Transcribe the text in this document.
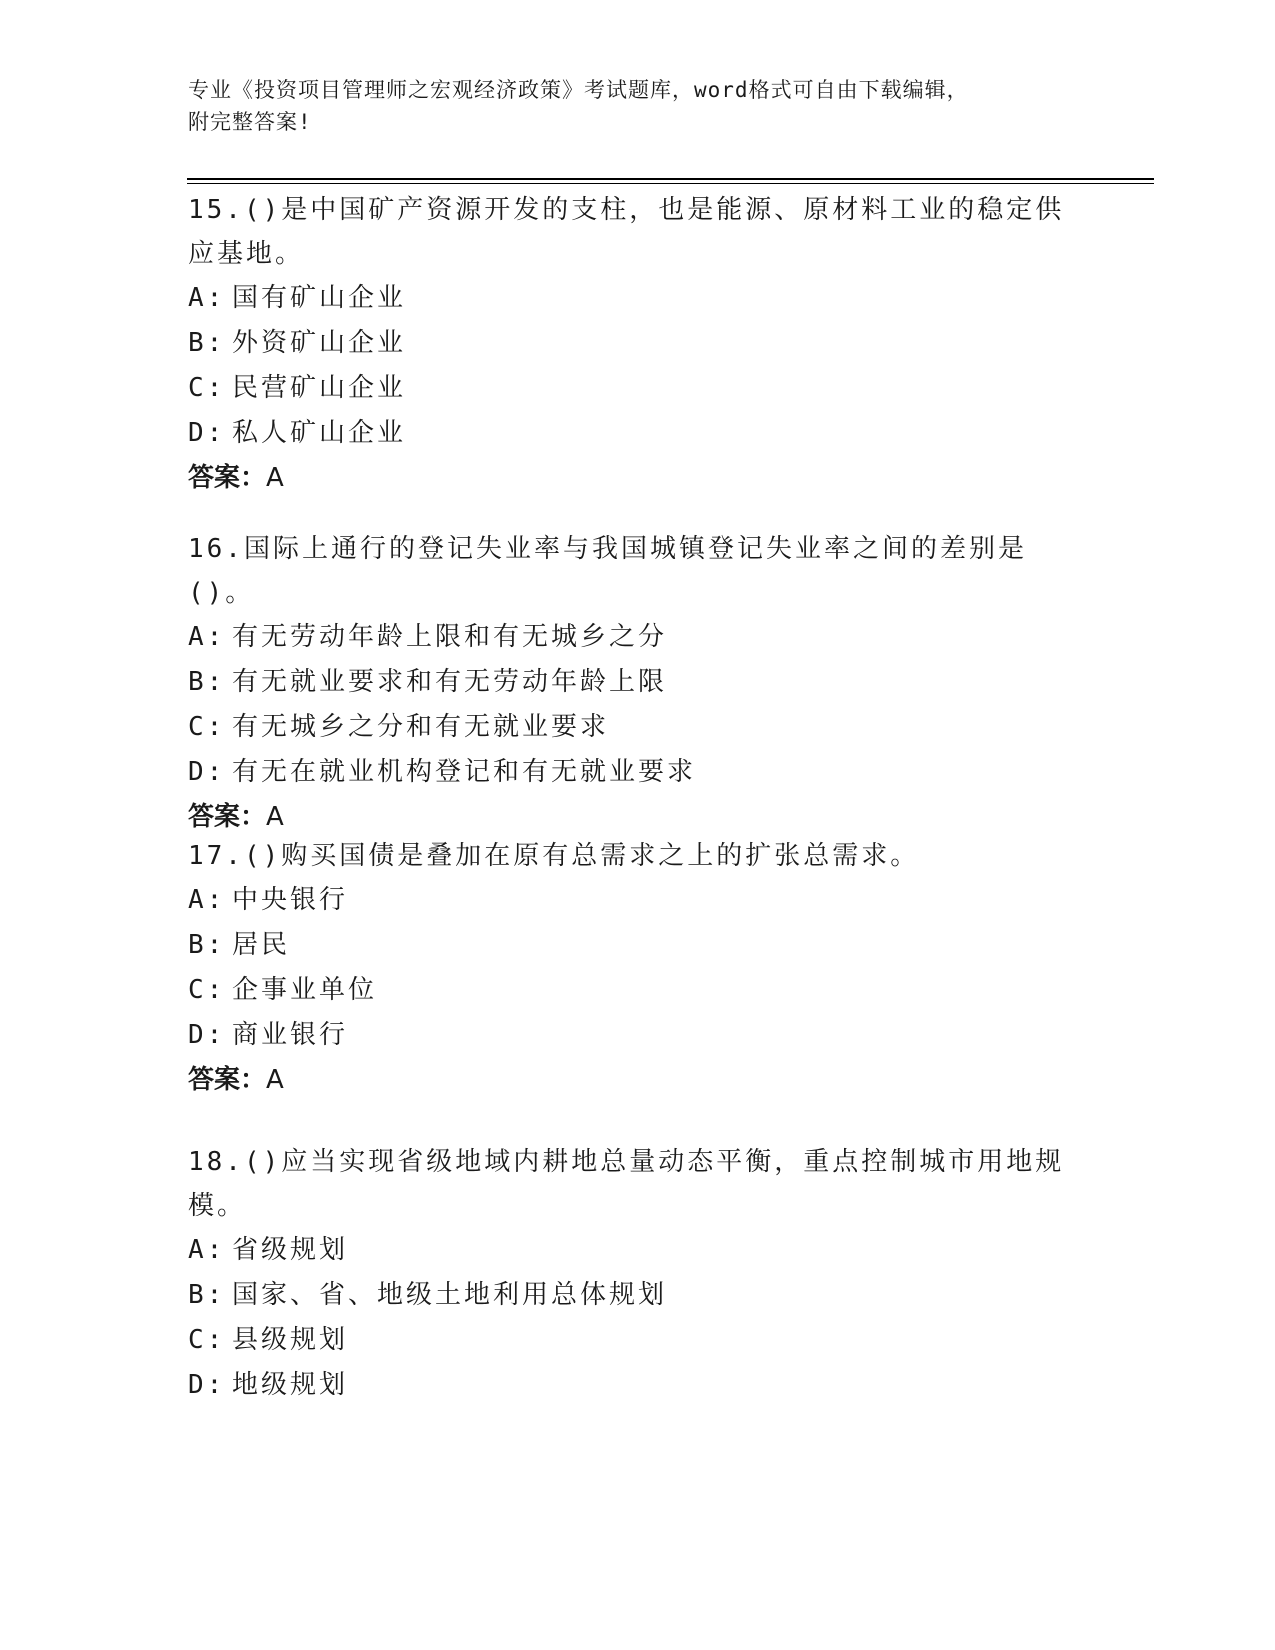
专业《投资项目管理师之宏观经济政策》考试题库，word格式可自由下载编辑，
附完整答案!

15.()是中国矿产资源开发的支柱，也是能源、原材料工业的稳定供应基地。

A: 国有矿山企业

B: 外资矿山企业

C: 民营矿山企业

D: 私人矿山企业

答案：A

16.国际上通行的登记失业率与我国城镇登记失业率之间的差别是()。

A: 有无劳动年龄上限和有无城乡之分

B: 有无就业要求和有无劳动年龄上限

C: 有无城乡之分和有无就业要求

D: 有无在就业机构登记和有无就业要求

答案：A

17.()购买国债是叠加在原有总需求之上的扩张总需求。

A: 中央银行

B: 居民

C: 企事业单位

D: 商业银行

答案：A

18.()应当实现省级地域内耕地总量动态平衡，重点控制城市用地规模。

A: 省级规划

B: 国家、省、地级土地利用总体规划

C: 县级规划

D: 地级规划
